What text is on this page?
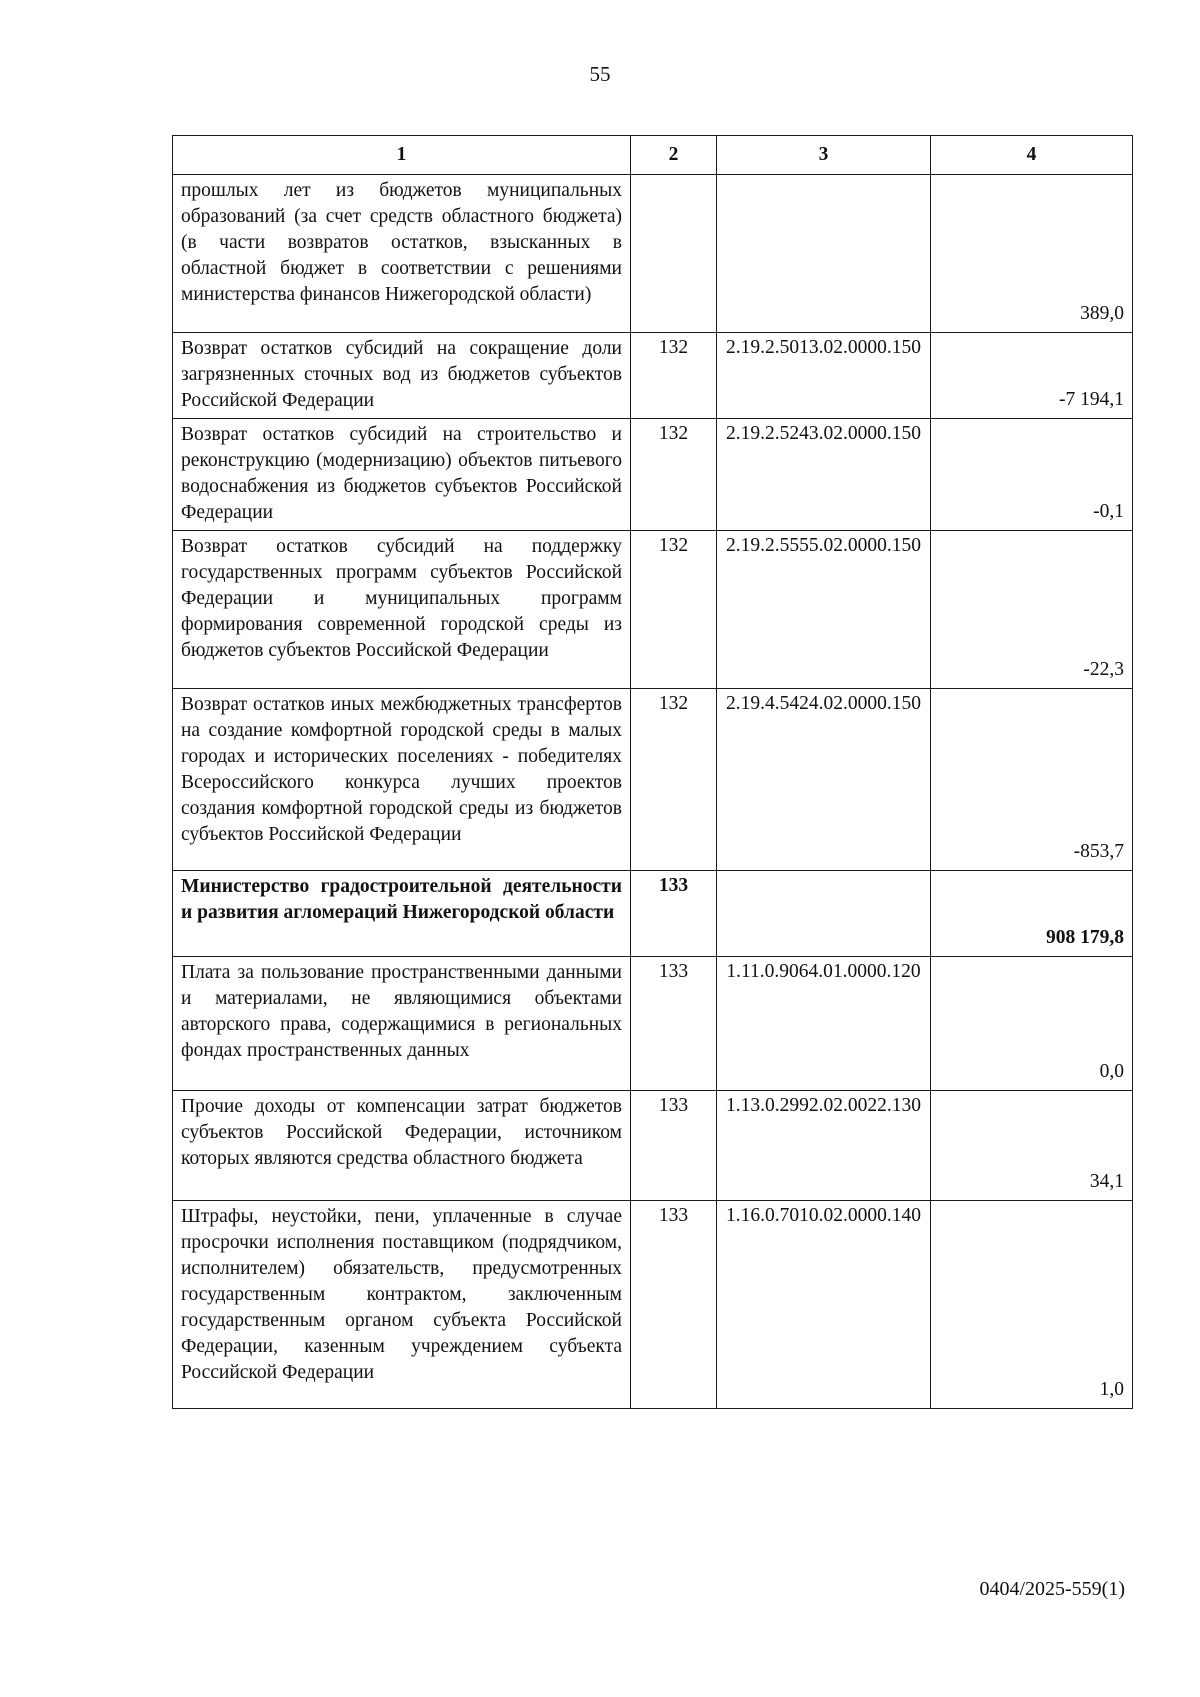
55
1	2	3	4
прошлых лет из бюджетов муниципальных образований (за счет средств областного бюджета) (в части возвратов остатков, взысканных в областной бюджет в соответствии с решениями министерства финансов Нижегородской области)			389,0
Возврат остатков субсидий на сокращение доли загрязненных сточных вод из бюджетов субъектов Российской Федерации	132	2.19.2.5013.02.0000.150	-7 194,1
Возврат остатков субсидий на строительство и реконструкцию (модернизацию) объектов питьевого водоснабжения из бюджетов субъектов Российской Федерации	132	2.19.2.5243.02.0000.150	-0,1
Возврат остатков субсидий на поддержку государственных программ субъектов Российской Федерации и муниципальных программ формирования современной городской среды из бюджетов субъектов Российской Федерации	132	2.19.2.5555.02.0000.150	-22,3
Возврат остатков иных межбюджетных трансфертов на создание комфортной городской среды в малых городах и исторических поселениях - победителях Всероссийского конкурса лучших проектов создания комфортной городской среды из бюджетов субъектов Российской Федерации	132	2.19.4.5424.02.0000.150	-853,7
Министерство градостроительной деятельности и развития агломераций Нижегородской области	133		908 179,8
Плата за пользование пространственными данными и материалами, не являющимися объектами авторского права, содержащимися в региональных фондах пространственных данных	133	1.11.0.9064.01.0000.120	0,0
Прочие доходы от компенсации затрат бюджетов субъектов Российской Федерации, источником которых являются средства областного бюджета	133	1.13.0.2992.02.0022.130	34,1
Штрафы, неустойки, пени, уплаченные в случае просрочки исполнения поставщиком (подрядчиком, исполнителем) обязательств, предусмотренных государственным контрактом, заключенным государственным органом субъекта Российской Федерации, казенным учреждением субъекта Российской Федерации	133	1.16.0.7010.02.0000.140	1,0
0404/2025-559(1)
